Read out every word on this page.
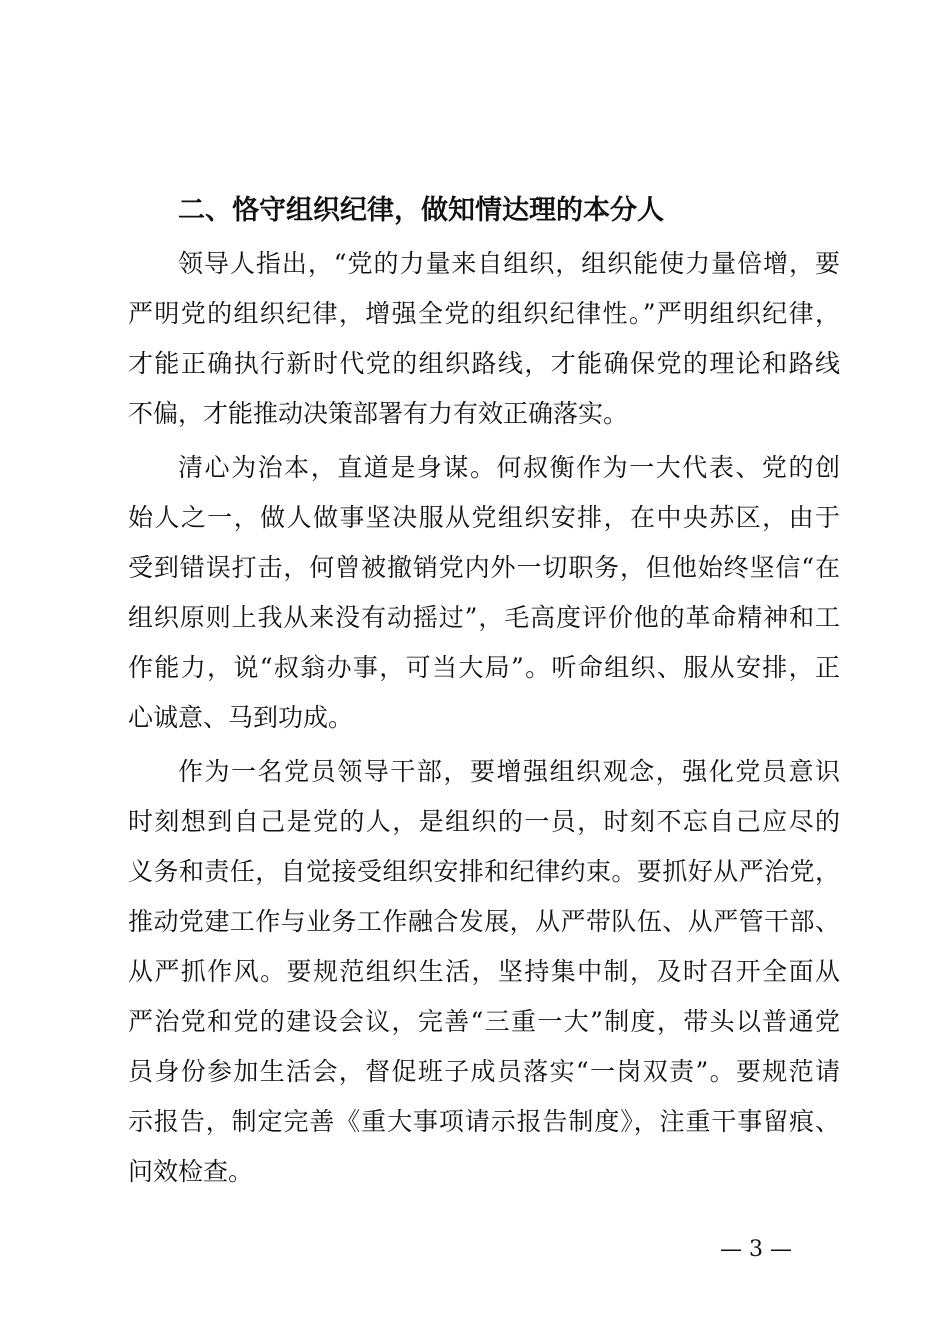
二、恪守组织纪律，做知情达理的本分人
领导人指出，“党的力量来自组织，组织能使力量倍增，要
严明党的组织纪律，增强全党的组织纪律性。”严明组织纪律，
才能正确执行新时代党的组织路线，才能确保党的理论和路线
不偏，才能推动决策部署有力有效正确落实。
清心为治本，直道是身谋。何叔衡作为一大代表、党的创
始人之一，做人做事坚决服从党组织安排，在中央苏区，由于
受到错误打击，何曾被撤销党内外一切职务，但他始终坚信“在
组织原则上我从来没有动摇过”，毛高度评价他的革命精神和工
作能力，说“叔翁办事，可当大局”。听命组织、服从安排，正
心诚意、马到功成。
作为一名党员领导干部，要增强组织观念，强化党员意识
时刻想到自己是党的人，是组织的一员，时刻不忘自己应尽的
义务和责任，自觉接受组织安排和纪律约束。要抓好从严治党，
推动党建工作与业务工作融合发展，从严带队伍、从严管干部、
从严抓作风。要规范组织生活，坚持集中制，及时召开全面从
严治党和党的建设会议，完善“三重一大”制度，带头以普通党
员身份参加生活会，督促班子成员落实“一岗双责”。要规范请
示报告，制定完善《重大事项请示报告制度》，注重干事留痕、
问效检查。
— 3 —
